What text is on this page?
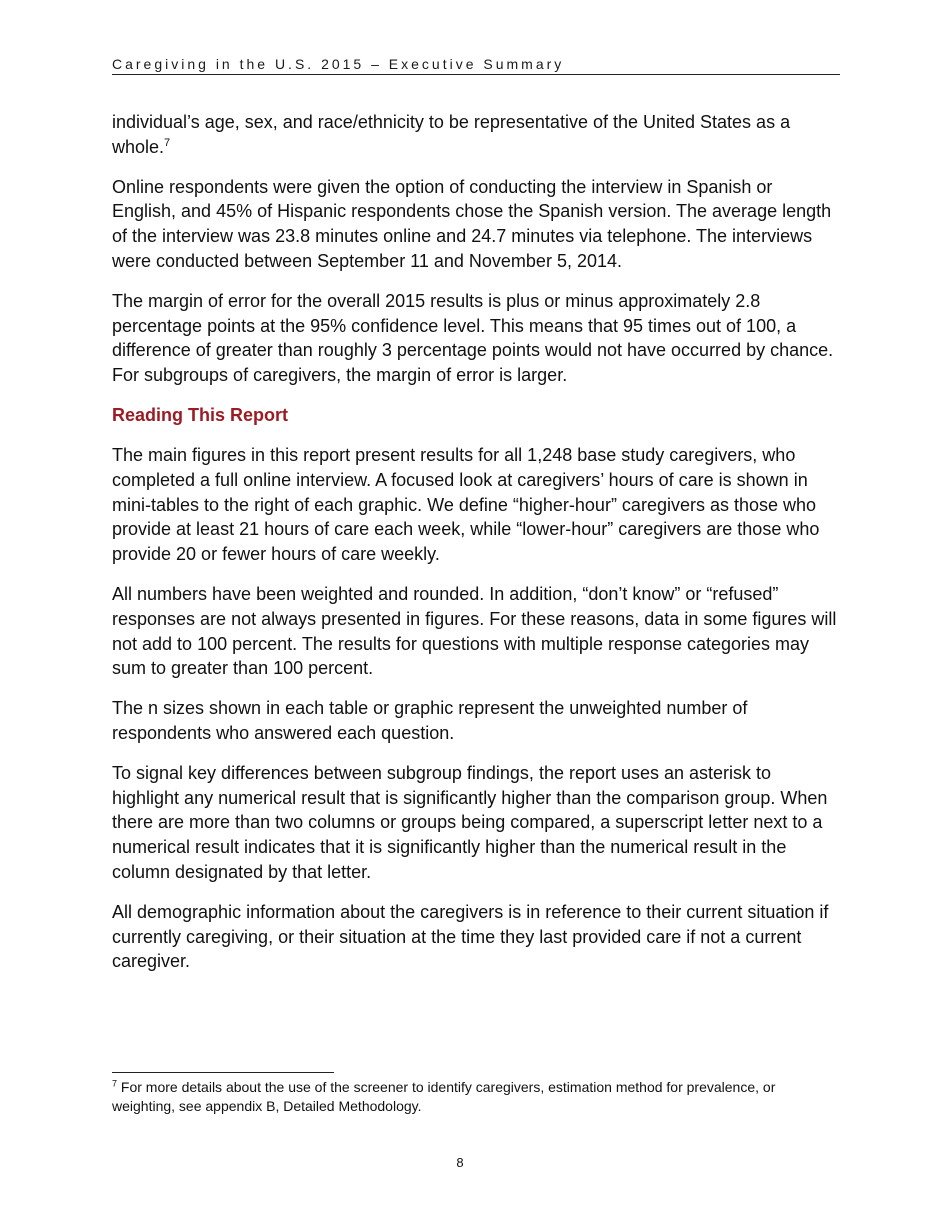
Caregiving in the U.S. 2015 – Executive Summary

individual’s age, sex, and race/ethnicity to be representative of the United States as a whole.$^7$

Online respondents were given the option of conducting the interview in Spanish or English, and 45% of Hispanic respondents chose the Spanish version. The average length of the interview was 23.8 minutes online and 24.7 minutes via telephone. The interviews were conducted between September 11 and November 5, 2014.

The margin of error for the overall 2015 results is plus or minus approximately 2.8 percentage points at the 95% confidence level. This means that 95 times out of 100, a difference of greater than roughly 3 percentage points would not have occurred by chance. For subgroups of caregivers, the margin of error is larger.

Reading This Report

The main figures in this report present results for all 1,248 base study caregivers, who completed a full online interview. A focused look at caregivers’ hours of care is shown in mini-tables to the right of each graphic. We define “higher-hour” caregivers as those who provide at least 21 hours of care each week, while “lower-hour” caregivers are those who provide 20 or fewer hours of care weekly.

All numbers have been weighted and rounded. In addition, “don’t know” or “refused” responses are not always presented in figures. For these reasons, data in some figures will not add to 100 percent. The results for questions with multiple response categories may sum to greater than 100 percent.

The n sizes shown in each table or graphic represent the unweighted number of respondents who answered each question.

To signal key differences between subgroup findings, the report uses an asterisk to highlight any numerical result that is significantly higher than the comparison group. When there are more than two columns or groups being compared, a superscript letter next to a numerical result indicates that it is significantly higher than the numerical result in the column designated by that letter.

All demographic information about the caregivers is in reference to their current situation if currently caregiving, or their situation at the time they last provided care if not a current caregiver.

$^7$ For more details about the use of the screener to identify caregivers, estimation method for prevalence, or weighting, see appendix B, Detailed Methodology.
8
